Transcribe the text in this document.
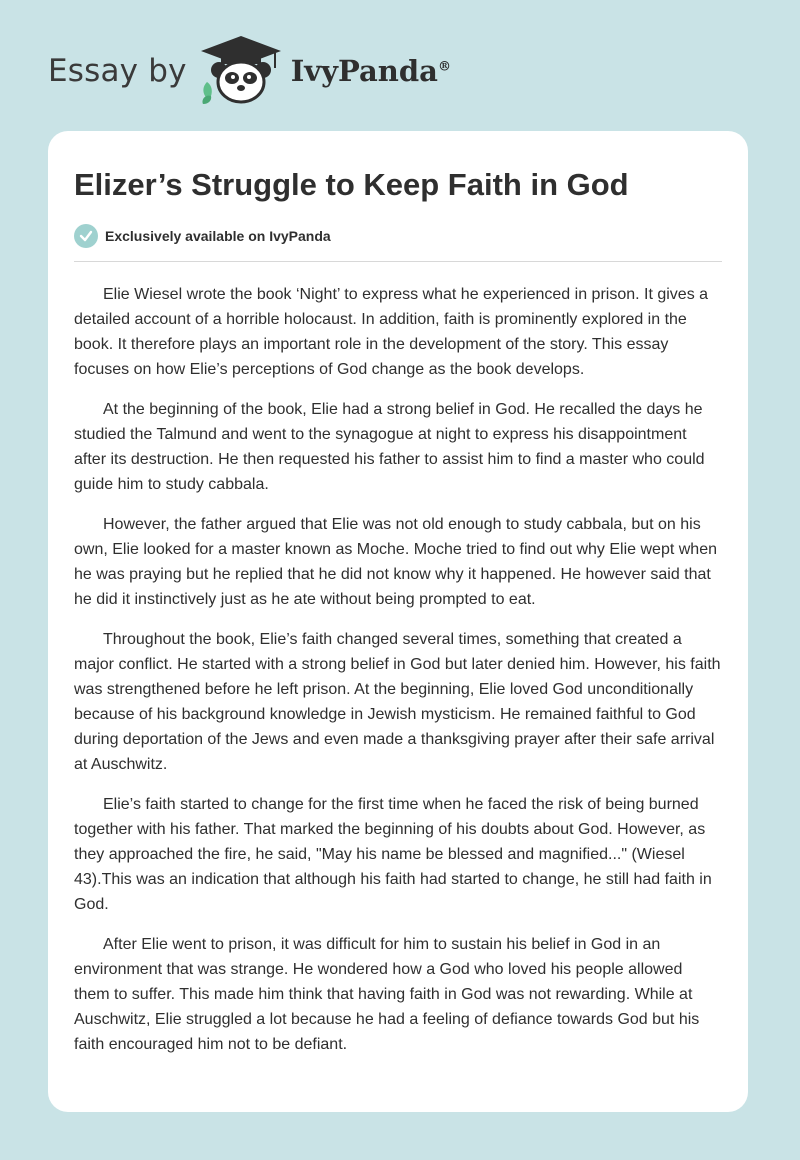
Essay by	IvyPanda®
Elizer’s Struggle to Keep Faith in God
Exclusively available on IvyPanda

Elie Wiesel wrote the book ‘Night’ to express what he experienced in prison. It gives a detailed account of a horrible holocaust. In addition, faith is prominently explored in the book. It therefore plays an important role in the development of the story. This essay focuses on how Elie’s perceptions of God change as the book develops.

At the beginning of the book, Elie had a strong belief in God. He recalled the days he studied the Talmund and went to the synagogue at night to express his disappointment after its destruction. He then requested his father to assist him to find a master who could guide him to study cabbala.

However, the father argued that Elie was not old enough to study cabbala, but on his own, Elie looked for a master known as Moche. Moche tried to find out why Elie wept when he was praying but he replied that he did not know why it happened. He however said that he did it instinctively just as he ate without being prompted to eat.

Throughout the book, Elie’s faith changed several times, something that created a major conflict. He started with a strong belief in God but later denied him. However, his faith was strengthened before he left prison. At the beginning, Elie loved God unconditionally because of his background knowledge in Jewish mysticism. He remained faithful to God during deportation of the Jews and even made a thanksgiving prayer after their safe arrival at Auschwitz.

Elie’s faith started to change for the first time when he faced the risk of being burned together with his father. That marked the beginning of his doubts about God. However, as they approached the fire, he said, "May his name be blessed and magnified..." (Wiesel 43).This was an indication that although his faith had started to change, he still had faith in God.

After Elie went to prison, it was difficult for him to sustain his belief in God in an environment that was strange. He wondered how a God who loved his people allowed them to suffer. This made him think that having faith in God was not rewarding. While at Auschwitz, Elie struggled a lot because he had a feeling of defiance towards God but his faith encouraged him not to be defiant.
